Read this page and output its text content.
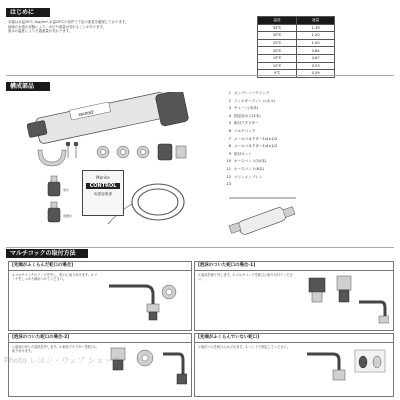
はじめに
本器は水温25℃,1kg/cm²,水温25℃の条件で下記の流量を確保しております。
地域の水道の状態により、水圧や流量が変わることがあります。
原水の温度によりろ過流量が変わります。
温度	流量
35℃	1.39
30℃	1.20
25℃	1.00
20℃	0.84
15℃	0.67
10℃	0.53
5℃	0.39
構成部品
MARINE
Marine
CONTROL
取扱説明書
原水
処理水
1 メンブレンハウジング
2 フィルターブッシュ(ネル)
3 チェーン(本体)
4 固定用ネジ(2本)
5 取付アダプター
6 マルチコック
7 メールコネクター1/4×1/2
8 メールコネクター1/4×1/2
9 取付キット
10 ホースバンド(14本)
11 ホースバンド(6本)
12 マリンメンブレン
13
マルチコックの取付方法
[先端がふくらんだ蛇口の場合]
1.マルチコックのリングを外し、蛇口に取り付けます。2.リングをしっかり締めつけてください。
[泡沫のついた蛇口の場合-1]
1.泡沫を取り外します。2.マルチコックを蛇口に取り付けてください。
[泡沫のついた蛇口の場合-2]
1.泡沫の付いた部品を外します。2.取付アダプターを蛇口に取り付けます。
[先端がふくらんでいない蛇口]
1.取付ゴムを蛇口にかぶせます。2.バンドで固定してください。
Photo レヨン・ウェブ ショップ
